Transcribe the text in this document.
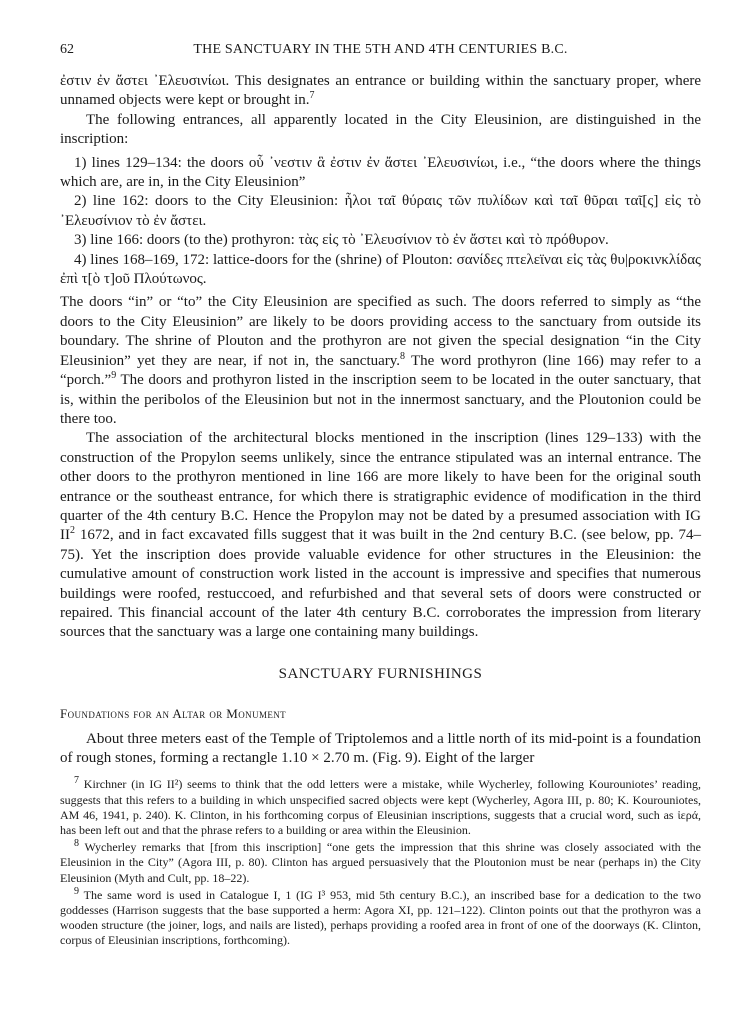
62	THE SANCTUARY IN THE 5TH AND 4TH CENTURIES B.C.

ἐστιν ἐν ἄστει ᾿Ελευσινίωι. This designates an entrance or building within the sanctuary proper, where unnamed objects were kept or brought in.$^7$

The following entrances, all apparently located in the City Eleusinion, are distinguished in the inscription:

1) lines 129–134: the doors οὗ ᾿νεστιν ἃ ἐστιν ἐν ἄστει ᾿Ελευσινίωι, i.e., “the doors where the things which are, are in, in the City Eleusinion”

2) line 162: doors to the City Eleusinion: ἧλοι ταῖ θύραις τῶν πυλίδων καὶ ταῖ θῦραι ταῖ[ς] εἰς τὸ ᾿Ελευσίνιον τὸ ἐν ἄστει.

3) line 166: doors (to the) prothyron: τὰς εἰς τὸ ᾿Ελευσίνιον τὸ ἐν ἄστει καὶ τὸ πρόθυρον.

4) lines 168–169, 172: lattice-doors for the (shrine) of Plouton: σανίδες πτελεϊναι εἰς τὰς θυ|ροκινκλίδας ἐπὶ τ[ὸ τ]οῦ Πλούτωνος.

The doors “in” or “to” the City Eleusinion are specified as such. The doors referred to simply as “the doors to the City Eleusinion” are likely to be doors providing access to the sanctuary from outside its boundary. The shrine of Plouton and the prothyron are not given the special designation “in the City Eleusinion” yet they are near, if not in, the sanctuary.$^8$ The word prothyron (line 166) may refer to a “porch.”$^9$ The doors and prothyron listed in the inscription seem to be located in the outer sanctuary, that is, within the peribolos of the Eleusinion but not in the innermost sanctuary, and the Ploutonion could be there too.

The association of the architectural blocks mentioned in the inscription (lines 129–133) with the construction of the Propylon seems unlikely, since the entrance stipulated was an internal entrance. The other doors to the prothyron mentioned in line 166 are more likely to have been for the original south entrance or the southeast entrance, for which there is stratigraphic evidence of modification in the third quarter of the 4th century B.C. Hence the Propylon may not be dated by a presumed association with IG $II^2$ 1672, and in fact excavated fills suggest that it was built in the 2nd century B.C. (see below, pp. 74–75). Yet the inscription does provide valuable evidence for other structures in the Eleusinion: the cumulative amount of construction work listed in the account is impressive and specifies that numerous buildings were roofed, restuccoed, and refurbished and that several sets of doors were constructed or repaired. This financial account of the later 4th century B.C. corroborates the impression from literary sources that the sanctuary was a large one containing many buildings.

SANCTUARY FURNISHINGS
Foundations for an Altar or Monument

About three meters east of the Temple of Triptolemos and a little north of its mid-point is a foundation of rough stones, forming a rectangle 1.10 × 2.70 m. (Fig. 9). Eight of the larger

$^7$ Kirchner (in IG II²) seems to think that the odd letters were a mistake, while Wycherley, following Kourouniotes’ reading, suggests that this refers to a building in which unspecified sacred objects were kept (Wycherley, Agora III, p. 80; K. Kourouniotes, AM 46, 1941, p. 240). K. Clinton, in his forthcoming corpus of Eleusinian inscriptions, suggests that a crucial word, such as ἱερά, has been left out and that the phrase refers to a building or area within the Eleusinion.

$^8$ Wycherley remarks that [from this inscription] “one gets the impression that this shrine was closely associated with the Eleusinion in the City” (Agora III, p. 80). Clinton has argued persuasively that the Ploutonion must be near (perhaps in) the City Eleusinion (Myth and Cult, pp. 18–22).

$^9$ The same word is used in Catalogue I, 1 (IG I³ 953, mid 5th century B.C.), an inscribed base for a dedication to the two goddesses (Harrison suggests that the base supported a herm: Agora XI, pp. 121–122). Clinton points out that the prothyron was a wooden structure (the joiner, logs, and nails are listed), perhaps providing a roofed area in front of one of the doorways (K. Clinton, corpus of Eleusinian inscriptions, forthcoming).
